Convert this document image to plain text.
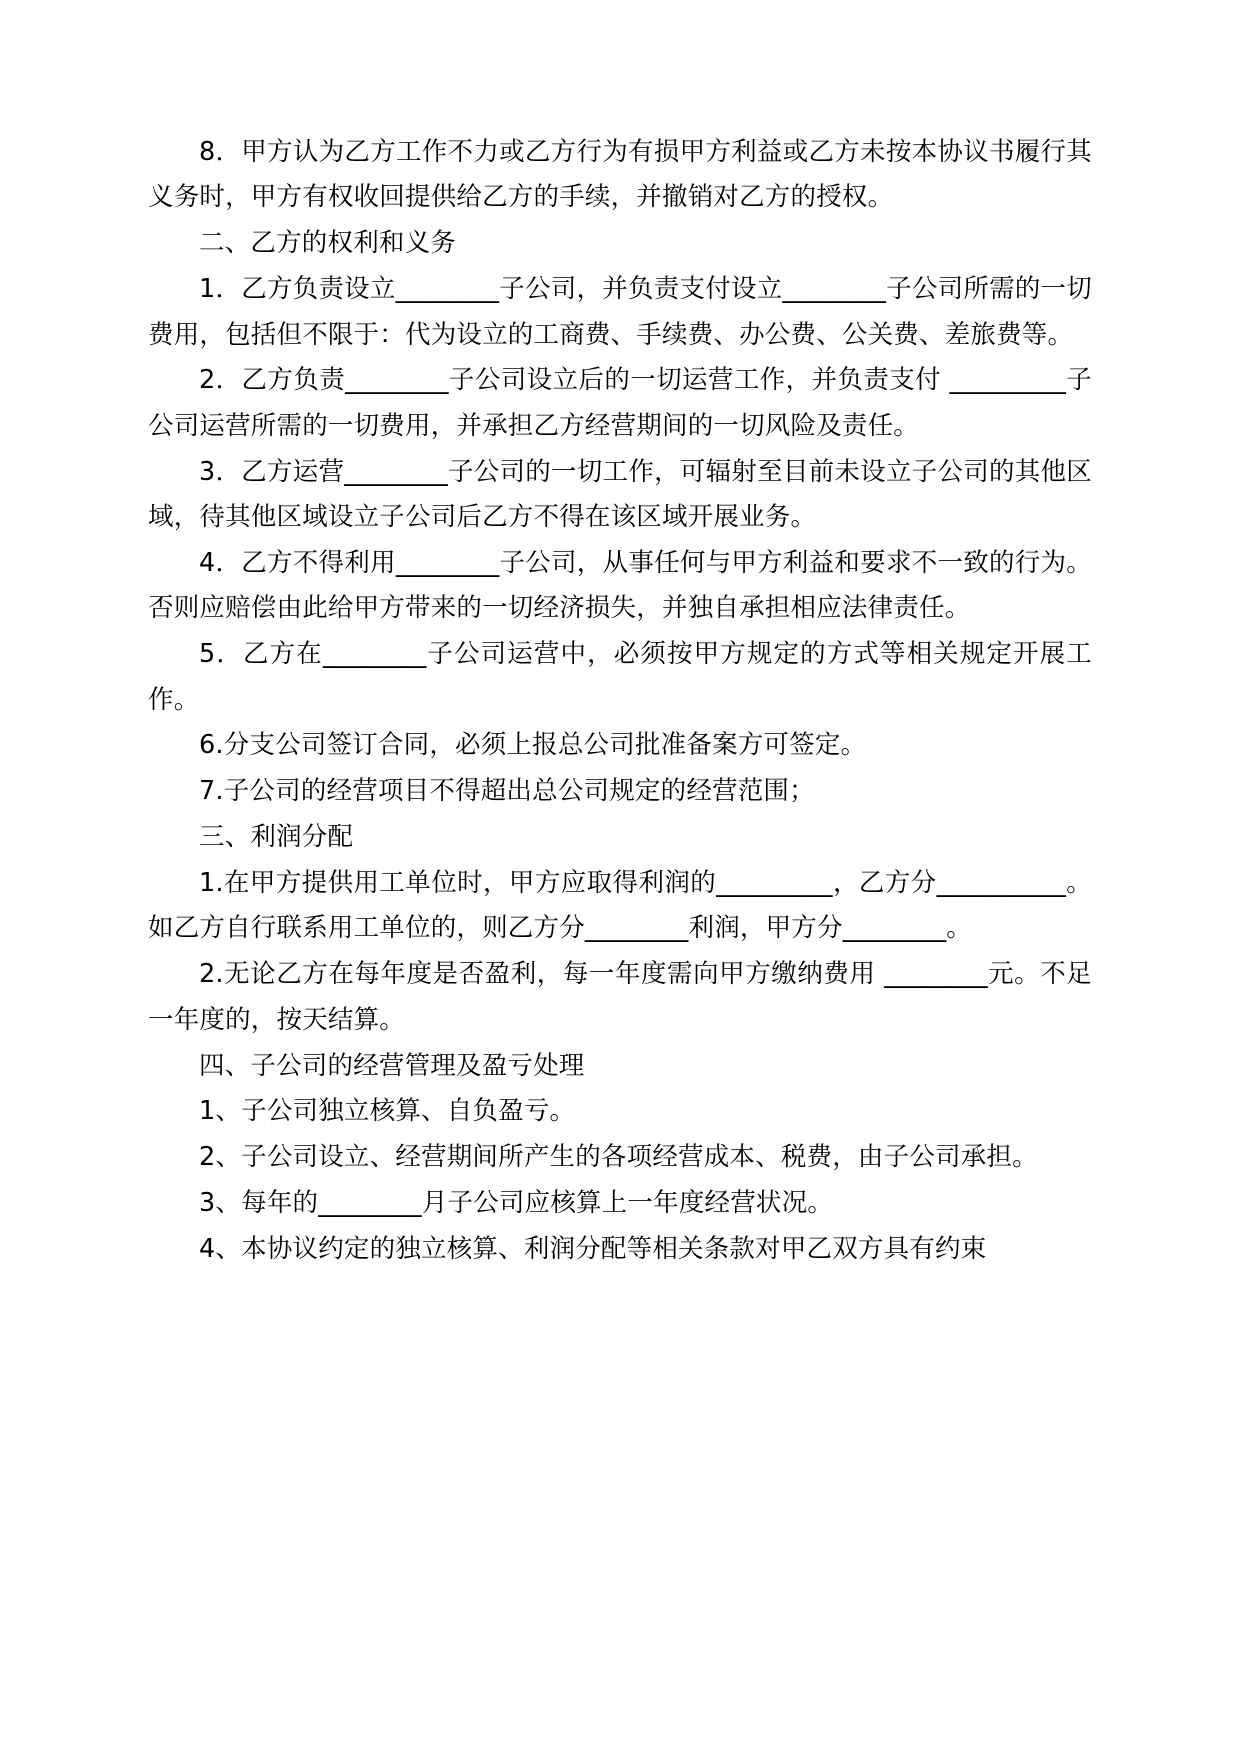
8．甲方认为乙方工作不力或乙方行为有损甲方利益或乙方未按本协议书履行其义务时，甲方有权收回提供给乙方的手续，并撤销对乙方的授权。

二、乙方的权利和义务

1．乙方负责设立________子公司，并负责支付设立________子公司所需的一切费用，包括但不限于：代为设立的工商费、手续费、办公费、公关费、差旅费等。

2．乙方负责________子公司设立后的一切运营工作，并负责支付 _________子公司运营所需的一切费用，并承担乙方经营期间的一切风险及责任。

3．乙方运营________子公司的一切工作，可辐射至目前未设立子公司的其他区域，待其他区域设立子公司后乙方不得在该区域开展业务。

4．乙方不得利用________子公司，从事任何与甲方利益和要求不一致的行为。否则应赔偿由此给甲方带来的一切经济损失，并独自承担相应法律责任。

5．乙方在________子公司运营中，必须按甲方规定的方式等相关规定开展工作。

6.分支公司签订合同，必须上报总公司批准备案方可签定。

7.子公司的经营项目不得超出总公司规定的经营范围；

三、利润分配

1.在甲方提供用工单位时，甲方应取得利润的_________，乙方分__________。如乙方自行联系用工单位的，则乙方分________利润，甲方分________。

2.无论乙方在每年度是否盈利，每一年度需向甲方缴纳费用 ________元。不足一年度的，按天结算。

四、子公司的经营管理及盈亏处理

1、子公司独立核算、自负盈亏。

2、子公司设立、经营期间所产生的各项经营成本、税费，由子公司承担。

3、每年的________月子公司应核算上一年度经营状况。

4、本协议约定的独立核算、利润分配等相关条款对甲乙双方具有约束
